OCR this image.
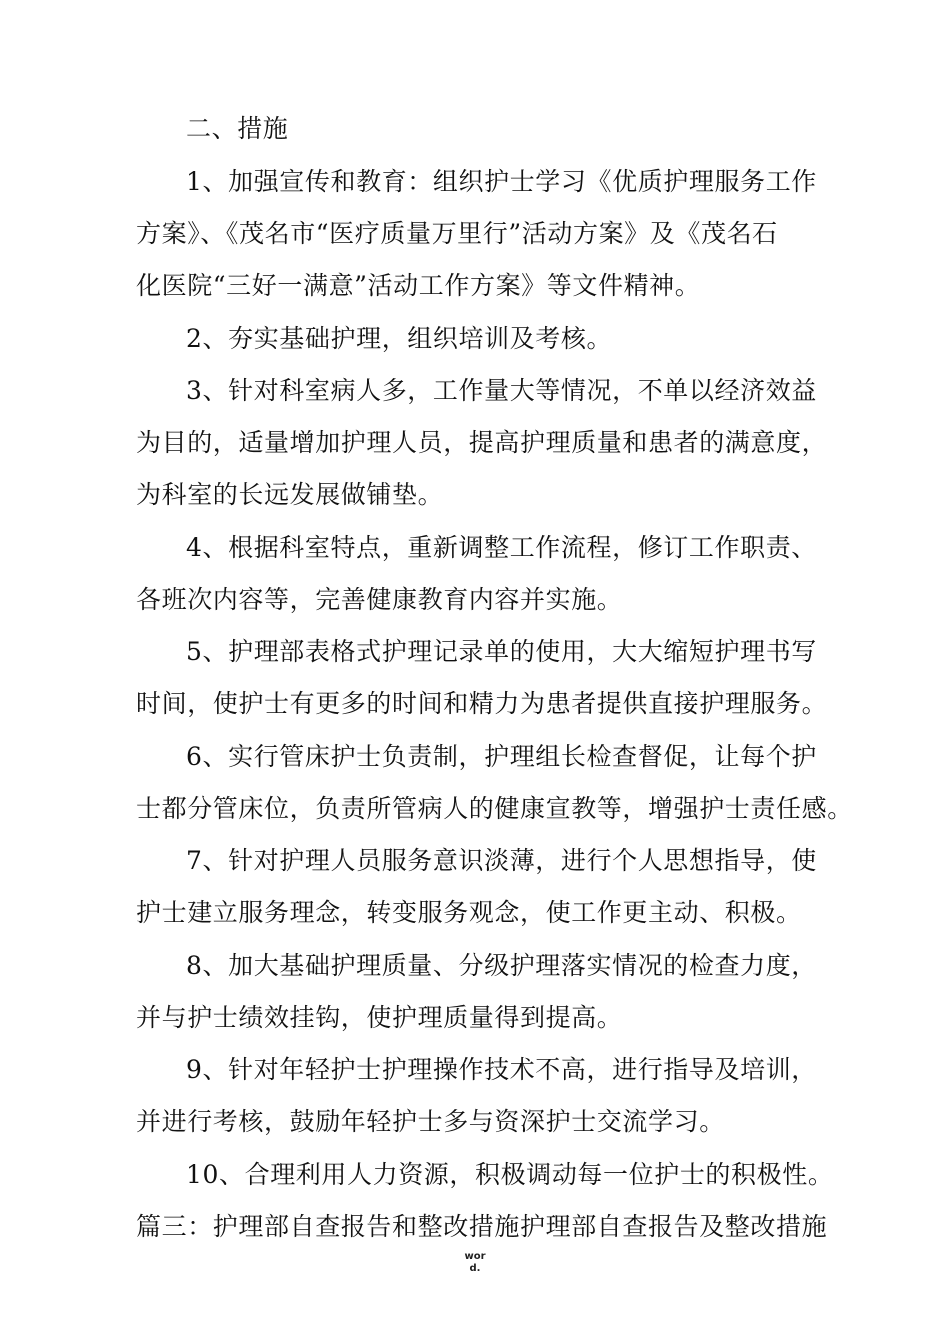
二、措施
1、加强宣传和教育：组织护士学习《优质护理服务工作
方案》、《茂名市“医疗质量万里行”活动方案》及《茂名石
化医院“三好一满意”活动工作方案》等文件精神。
2、夯实基础护理，组织培训及考核。
3、针对科室病人多，工作量大等情况，不单以经济效益
为目的，适量增加护理人员，提高护理质量和患者的满意度，
为科室的长远发展做铺垫。
4、根据科室特点，重新调整工作流程，修订工作职责、
各班次内容等，完善健康教育内容并实施。
5、护理部表格式护理记录单的使用，大大缩短护理书写
时间，使护士有更多的时间和精力为患者提供直接护理服务。
6、实行管床护士负责制，护理组长检查督促，让每个护
士都分管床位，负责所管病人的健康宣教等，增强护士责任感。
7、针对护理人员服务意识淡薄，进行个人思想指导，使
护士建立服务理念，转变服务观念，使工作更主动、积极。
8、加大基础护理质量、分级护理落实情况的检查力度，
并与护士绩效挂钩，使护理质量得到提高。
9、针对年轻护士护理操作技术不高，进行指导及培训，
并进行考核，鼓励年轻护士多与资深护士交流学习。
10、合理利用人力资源，积极调动每一位护士的积极性。
篇三：护理部自查报告和整改措施护理部自查报告及整改措施
wor
d.
